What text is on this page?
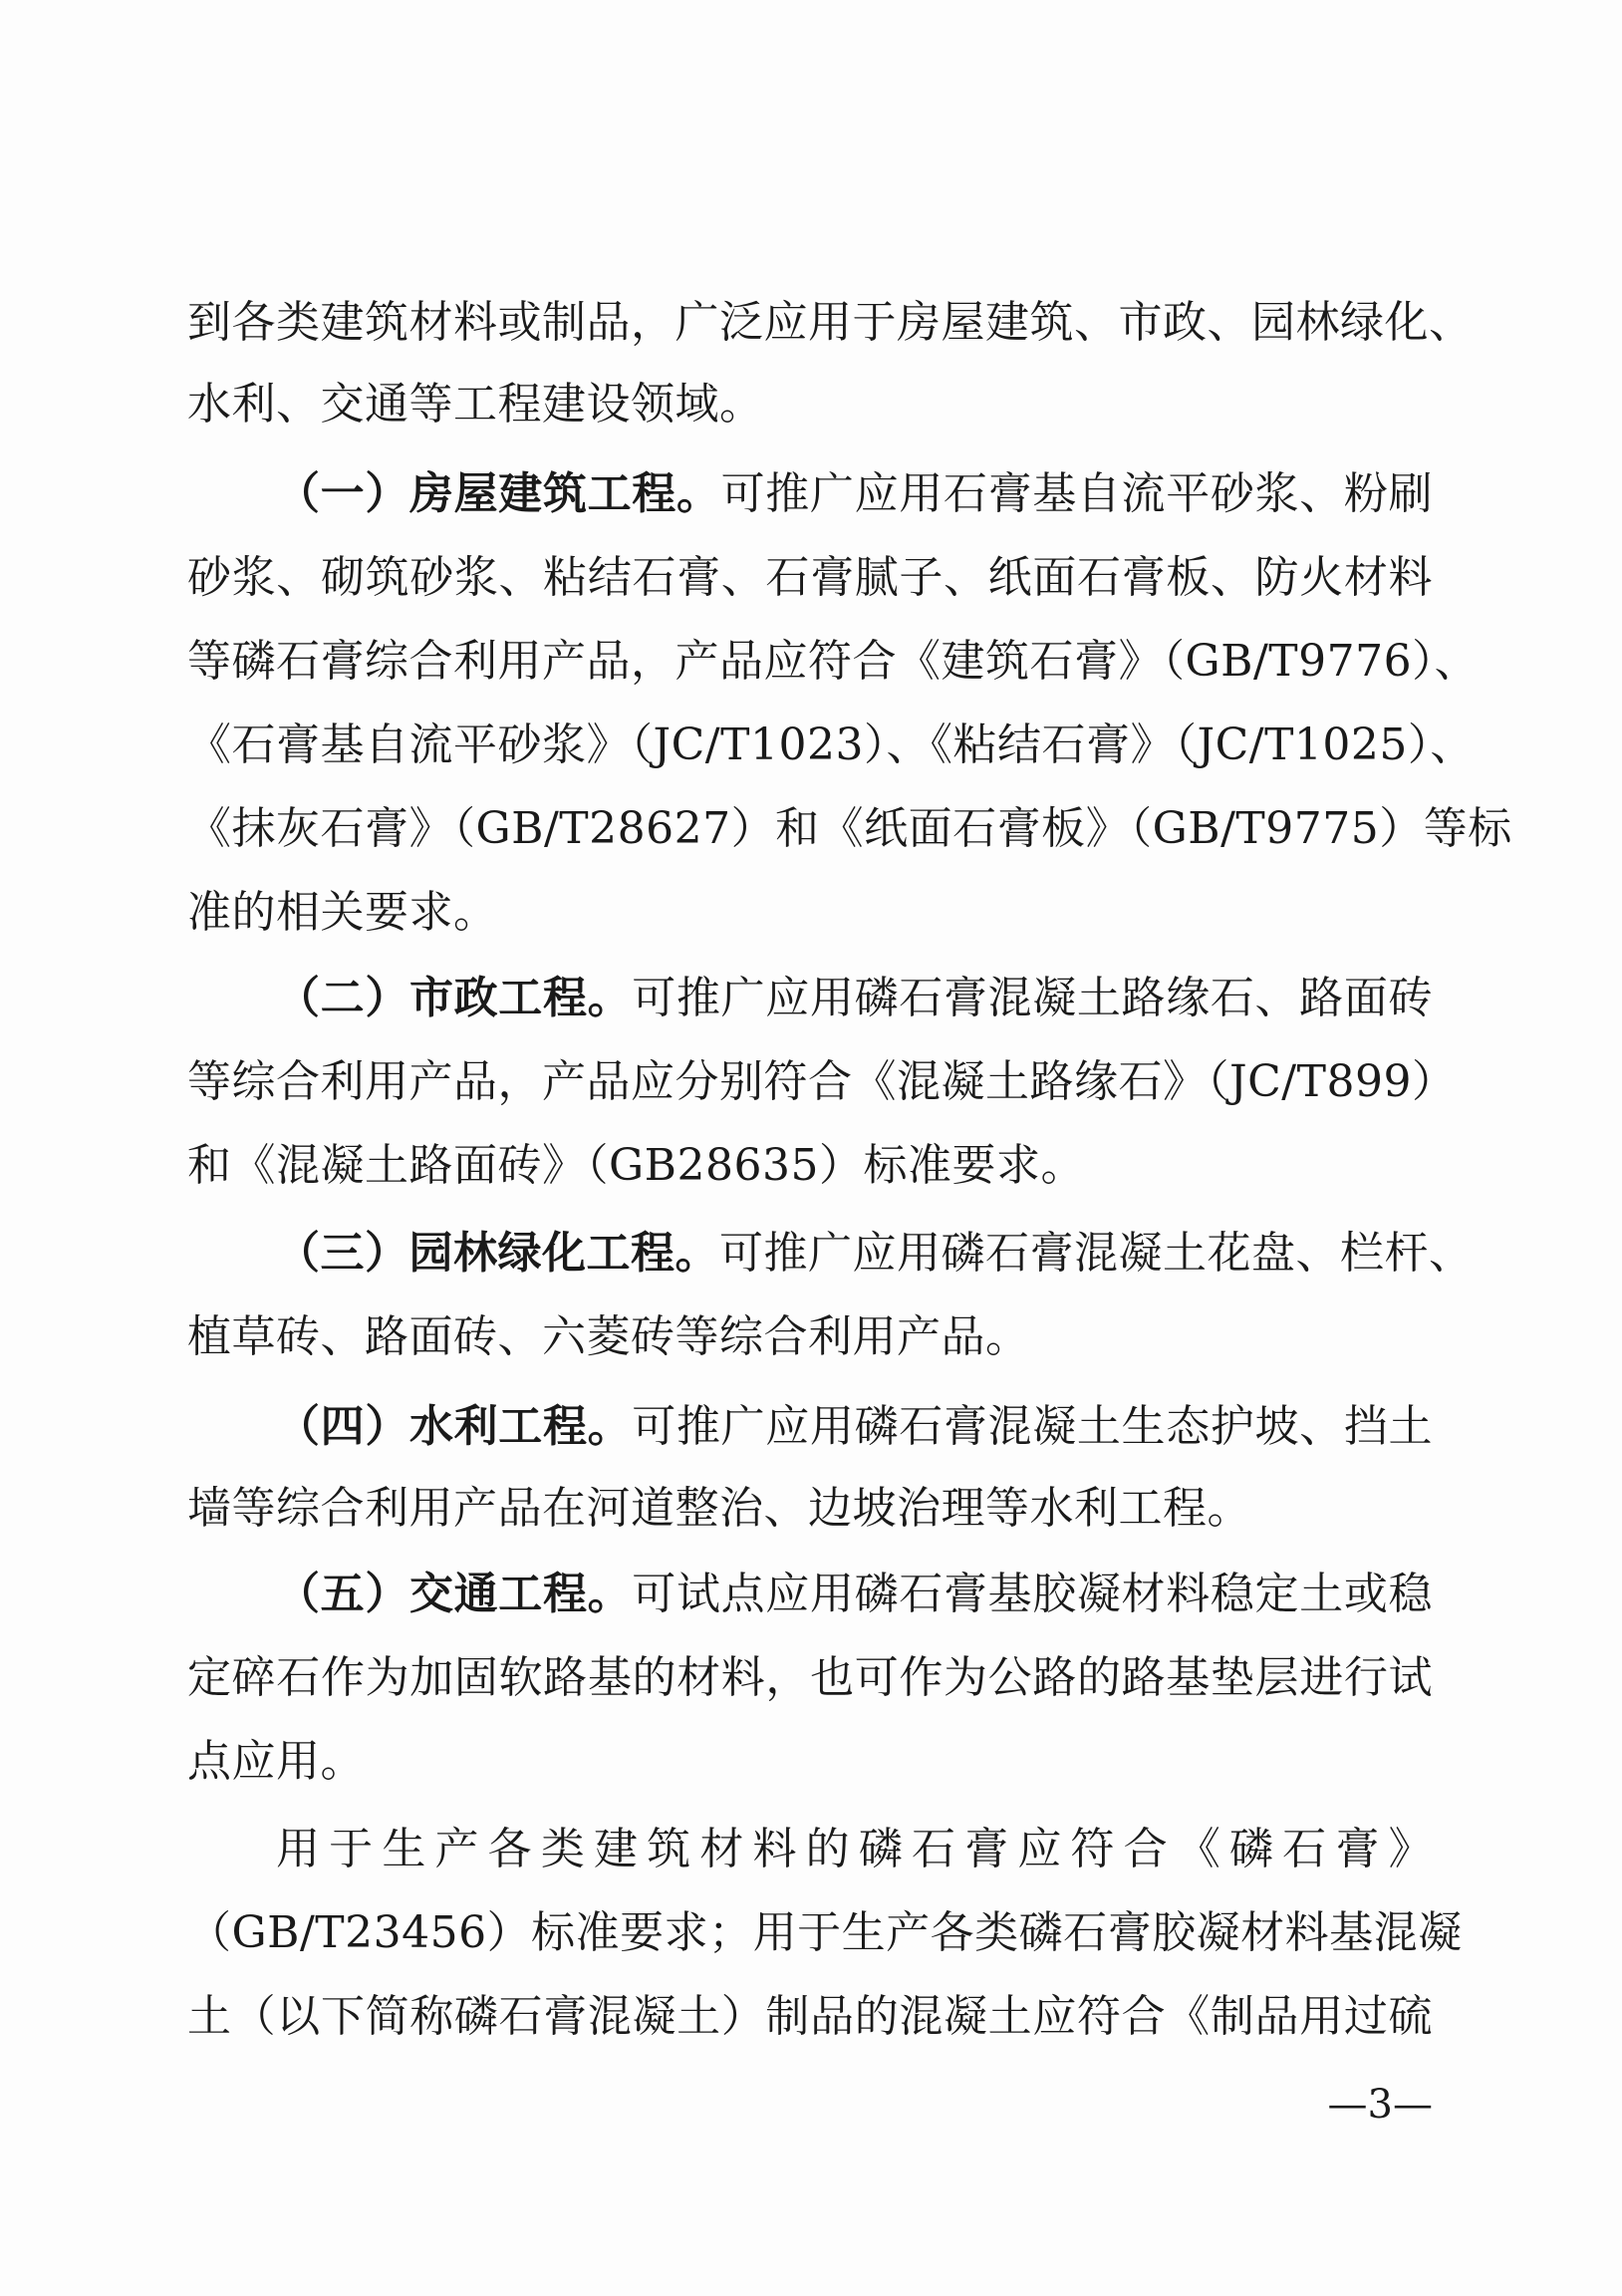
到各类建筑材料或制品，广泛应用于房屋建筑、市政、园林绿化、
水利、交通等工程建设领域。
（一）房屋建筑工程。可推广应用石膏基自流平砂浆、粉刷
砂浆、砌筑砂浆、粘结石膏、石膏腻子、纸面石膏板、防火材料
等磷石膏综合利用产品，产品应符合《建筑石膏》（GB/T9776）、
《石膏基自流平砂浆》（JC/T1023）、《粘结石膏》（JC/T1025）、
《抹灰石膏》（GB/T28627）和《纸面石膏板》（GB/T9775）等标
准的相关要求。
（二）市政工程。可推广应用磷石膏混凝土路缘石、路面砖
等综合利用产品，产品应分别符合《混凝土路缘石》（JC/T899）
和《混凝土路面砖》（GB28635）标准要求。
（三）园林绿化工程。可推广应用磷石膏混凝土花盘、栏杆、
植草砖、路面砖、六菱砖等综合利用产品。
（四）水利工程。可推广应用磷石膏混凝土生态护坡、挡土
墙等综合利用产品在河道整治、边坡治理等水利工程。
（五）交通工程。可试点应用磷石膏基胶凝材料稳定土或稳
定碎石作为加固软路基的材料，也可作为公路的路基垫层进行试
点应用。
用于生产各类建筑材料的磷石膏应符合《磷石膏》
（GB/T23456）标准要求；用于生产各类磷石膏胶凝材料基混凝
土（以下简称磷石膏混凝土）制品的混凝土应符合《制品用过硫
—3—
